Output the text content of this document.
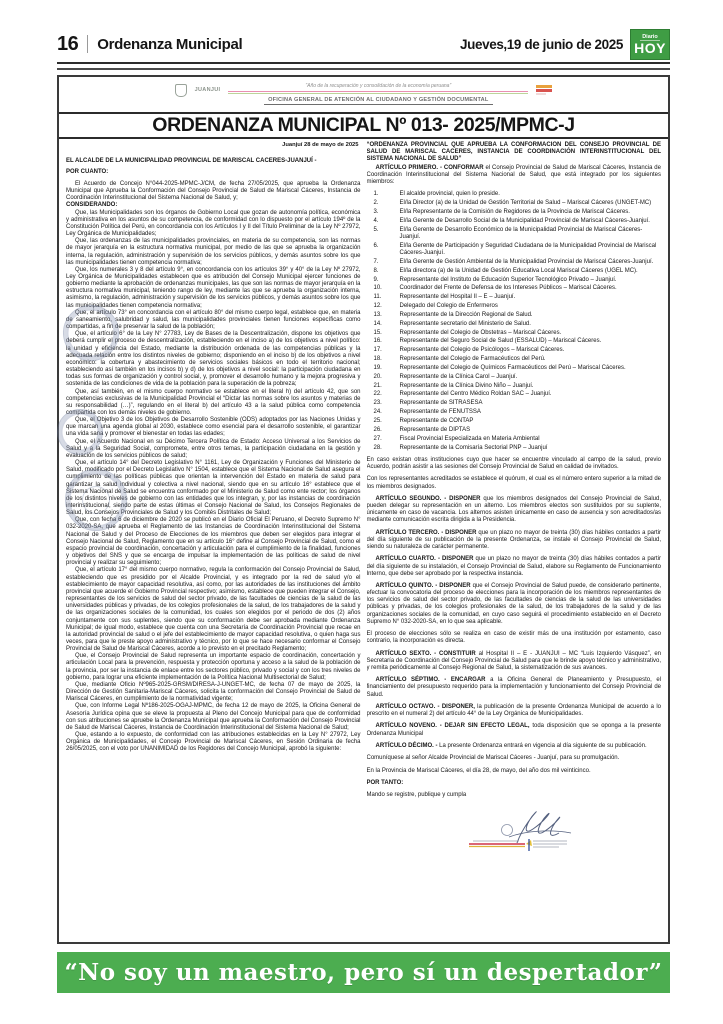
16 Ordenanza Municipal	Jueves,19 de junio de 2025	Diario
HOY
JUANJUI
“Año de la recuperación y consolidación de la economía peruana”
OFICINA GENERAL DE ATENCIÓN AL CIUDADANO Y GESTIÓN DOCUMENTAL
ORDENANZA MUNICIPAL Nº 013- 2025/MPMC-J
Juanjuí 28 de mayo de 2025

EL ALCALDE DE LA MUNICIPALIDAD PROVINCIAL DE MARISCAL CACERES-JUANJUÍ -

POR CUANTO:

El Acuerdo de Concejo N°044-2025-MPMC-J/CM, de fecha 27/05/2025, que aprueba la Ordenanza Municipal que Aprueba la Conformación del Consejo Provincial de Salud de Mariscal Cáceres, Instancia de Coordinación Interinstitucional del Sistema Nacional de Salud, y;

CONSIDERANDO:

Que, las Municipalidades son los órganos de Gobierno Local que gozan de autonomía política, económica y administrativa en los asuntos de su competencia, de conformidad con lo dispuesto por el artículo 194º de la Constitución Política del Perú, en concordancia con los Artículos I y II del Título Preliminar de la Ley Nº 27972, Ley Orgánica de Municipalidades;

Que, las ordenanzas de las municipalidades provinciales, en materia de su competencia, son las normas de mayor jerarquía en la estructura normativa municipal, por medio de las que se aprueba la organización interna, la regulación, administración y supervisión de los servicios públicos, y demás asuntos sobre los que las municipalidades tienen competencia normativa;

Que, los numerales 3 y 8 del artículo 9°, en concordancia con los artículos 39° y 40° de la Ley Nº 27972, Ley Orgánica de Municipalidades establecen que es atribución del Consejo Municipal ejercer funciones de gobierno mediante la aprobación de ordenanzas municipales, las que son las normas de mayor jerarquía en la estructura normativa municipal, teniendo rango de ley, mediante las que se aprueba la organización interna, asimismo, la regulación, administración y supervisión de los servicios públicos, y demás asuntos sobre los que las municipalidades tienen competencia normativa;

Que, el artículo 73° en concordancia con el artículo 80° del mismo cuerpo legal, establece que, en materia de saneamiento, salubridad y salud, las municipalidades provinciales tienen funciones específicas como compartidas, a fin de preservar la salud de la población;

Que, el artículo 6° de la Ley N° 27783, Ley de Bases de la Descentralización, dispone los objetivos que deberá cumplir el proceso de descentralización, estableciendo en el inciso a) de los objetivos a nivel político: la unidad y eficiencia del Estado, mediante la distribución ordenada de las competencias públicas y la adecuada relación entre los distintos niveles de gobierno; disponiendo en el inciso b) de los objetivos a nivel económico: la cobertura y abastecimiento de servicios sociales básicos en todo el territorio nacional; estableciendo así también en los incisos b) y d) de los objetivos a nivel social: la participación ciudadana en todas sus formas de organización y control social, y, promover el desarrollo humano y la mejora progresiva y sostenida de las condiciones de vida de la población para la superación de la pobreza;

Que, así también, en el mismo cuerpo normativo se establece en el literal h) del artículo 42, que son competencias exclusivas de la Municipalidad Provincial el “Dictar las normas sobre los asuntos y materias de su responsabilidad (…)”, regulando en el literal b) del artículo 43 a la salud pública como competencia compartida con los demás niveles de gobierno.

Que, el Objetivo 3 de los Objetivos de Desarrollo Sostenible (ODS) adoptados por las Naciones Unidas y que marcan una agenda global al 2030, establece como esencial para el desarrollo sostenible, el garantizar una vida sana y promover el bienestar en todas las edades;

Que, el Acuerdo Nacional en su Décimo Tercera Política de Estado: Acceso Universal a los Servicios de Salud y a la Seguridad Social, compromete, entre otros temas, la participación ciudadana en la gestión y evaluación de los servicios públicos de salud;

Que, el artículo 14° del Decreto Legislativo N° 1161, Ley de Organización y Funciones del Ministerio de Salud, modificado por el Decreto Legislativo N° 1504, establece que el Sistema Nacional de Salud asegura el cumplimiento de las políticas públicas que orientan la intervención del Estado en materia de salud para garantizar la salud individual y colectiva a nivel nacional, siendo que en su artículo 16° establece que el Sistema Nacional de Salud se encuentra conformado por el Ministerio de Salud como ente rector; los órganos de los distintos niveles de gobierno con las entidades que los integran, y, por las instancias de coordinación interinstitucional, siendo parte de estas últimas el Consejo Nacional de Salud, los Consejos Regionales de Salud, los Consejos Provinciales de Salud y los Comités Distritales de Salud;

Que, con fecha 6 de diciembre de 2020 se publicó en el Diario Oficial El Peruano, el Decreto Supremo N° 032-2020-SA, que aprueba el Reglamento de las Instancias de Coordinación Interinstitucional del Sistema Nacional de Salud y del Proceso de Elecciones de los miembros que deben ser elegidos para integrar el Consejo Nacional de Salud, Reglamento que en su artículo 16° define al Consejo Provincial de Salud, como el espacio provincial de coordinación, concertación y articulación para el cumplimiento de la finalidad, funciones y objetivos del SNS y que se encarga de impulsar la implementación de las políticas de salud de nivel provincial y realizar su seguimiento;

Que, el artículo 17° del mismo cuerpo normativo, regula la conformación del Consejo Provincial de Salud, estableciendo que es presidido por el Alcalde Provincial, y es integrado por la red de salud y/o el establecimiento de mayor capacidad resolutiva, así como, por las autoridades de las instituciones del ámbito provincial que acuerde el Gobierno Provincial respectivo; asimismo, establece que pueden integrar el Consejo, representantes de los servicios de salud del sector privado, de las facultades de ciencias de la salud de las universidades públicas y privadas, de los colegios profesionales de la salud, de los trabajadores de la salud y de las organizaciones sociales de la comunidad, los cuales son elegidos por el periodo de dos (2) años conjuntamente con sus suplentes, siendo que su conformación debe ser aprobada mediante Ordenanza Municipal; de igual modo, establece que cuenta con una Secretaría de Coordinación Provincial que recae en la autoridad provincial de salud o el jefe del establecimiento de mayor capacidad resolutiva, o quien haga sus veces, para que le preste apoyo administrativo y técnico, por lo que se hace necesario conformar el Consejo Provincial de Salud de Mariscal Cáceres, acorde a lo previsto en el precitado Reglamento;

Que, el Consejo Provincial de Salud representa un importante espacio de coordinación, concertación y articulación Local para la prevención, respuesta y protección oportuna y acceso a la salud de la población de la provincia, por ser la instancia de enlace entre los sectores público, privado y social y con los tres niveles de gobierno, para lograr una eficiente implementación de la Política Nacional Multisectorial de Salud;

Que, mediante Oficio Nº965-2025-GRSM/DIRESA-J-UNGET-MC, de fecha 07 de mayo de 2025, la Dirección de Gestión Sanitaria-Mariscal Cáceres, solicita la conformación del Consejo Provincial de Salud de Mariscal Cáceres, en cumplimiento de la normatividad vigente;

Que, con Informe Legal Nº186-2025-OGAJ-MPMC, de fecha 12 de mayo de 2025, la Oficina General de Asesoría Jurídica opina que se eleve la propuesta al Pleno del Concejo Municipal para que de conformidad con sus atribuciones se apruebe la Ordenanza Municipal que aprueba la Conformación del Consejo Provincial de Salud de Mariscal Cáceres, Instancia de Coordinación Interinstitucional del Sistema Nacional de Salud;

Que, estando a lo expuesto, de conformidad con las atribuciones establecidas en la Ley N° 27972, Ley Orgánica de Municipalidades, el Concejo Provincial de Mariscal Cáceres, en Sesión Ordinaria de fecha 26/05/2025, con el voto por UNANIMIDAD de los Regidores del Concejo Municipal, aprobó la siguiente:

“ORDENANZA PROVINCIAL QUE APRUEBA LA CONFORMACIÓN DEL CONSEJO PROVINCIAL DE SALUD DE MARISCAL CACERES, INSTANCIA DE COORDINACIÓN INTERINSTITUCIONAL DEL SISTEMA NACIONAL DE SALUD”

ARTÍCULO PRIMERO. - CONFORMAR el Consejo Provincial de Salud de Mariscal Cáceres, Instancia de Coordinación Interinstitucional del Sistema Nacional de Salud, que está integrado por los siguientes miembros:

1.	El alcalde provincial, quien lo preside.
2.	El/la Director (a) de la Unidad de Gestión Territorial de Salud – Mariscal Cáceres (UNGET-MC)
3.	El/la Representante de la Comisión de Regidores de la Provincia de Mariscal Cáceres.
4.	El/la Gerente de Desarrollo Social de la Municipalidad Provincial de Mariscal Cáceres-Juanjuí.
5.	El/la Gerente de Desarrollo Económico de la Municipalidad Provincial de Mariscal Cáceres-Juanjuí.
6.	El/la Gerente de Participación y Seguridad Ciudadana de la Municipalidad Provincial de Mariscal Cáceres-Juanjuí.
7.	El/la Gerente de Gestión Ambiental de la Municipalidad Provincial de Mariscal Cáceres-Juanjuí.
8.	El/la directora (a) de la Unidad de Gestión Educativa Local Mariscal Cáceres (UGEL MC).
9.	Representante del Instituto de Educación Superior Tecnológico Privado – Juanjuí.
10.	Coordinador del Frente de Defensa de los Intereses Públicos – Mariscal Cáceres.
11.	Representante del Hospital II – E – Juanjuí.
12.	Delegado del Colegio de Enfermeros
13.	Representante de la Dirección Regional de Salud.
14.	Representante secretario del Ministerio de Salud.
15.	Representante del Colegio de Obstetras – Mariscal Cáceres.
16.	Representante del Seguro Social de Salud (ESSALUD) – Mariscal Cáceres.
17.	Representante del Colegio de Psicólogos – Mariscal Cáceres.
18.	Representante del Colegio de Farmacéuticos del Perú.
19.	Representante del Colegio de Químicos Farmacéuticos del Perú – Mariscal Cáceres.
20.	Representante de la Clínica Carol – Juanjuí.
21.	Representante de la Clínica Divino Niño – Juanjuí.
22.	Representante del Centro Médico Roldan SAC – Juanjuí.
23.	Representante de SITRASESA
24.	Representante de FENUTSSA
25.	Representante de CONTAP
26.	Representante de DIPTAS
27.	Fiscal Provincial Especializada en Materia Ambiental
28.	Representante de la Comisaría Sectorial PNP – Juanjuí

En caso existan otras instituciones cuyo que hacer se encuentre vinculado al campo de la salud, previo Acuerdo, podrán asistir a las sesiones del Consejo Provincial de Salud en calidad de invitados.

Con los representantes acreditados se establece el quórum, el cual es el número entero superior a la mitad de los miembros designados.

ARTÍCULO SEGUNDO. - DISPONER que los miembros designados del Consejo Provincial de Salud, pueden delegar su representación en un alterno. Los miembros electos son sustituidos por su suplente, únicamente en caso de vacancia. Los alternos asisten únicamente en caso de ausencia y son acreditados/as mediante comunicación escrita dirigida a la Presidencia.

ARTÍCULO TERCERO. - DISPONER que un plazo no mayor de treinta (30) días hábiles contados a partir del día siguiente de su publicación de la presente Ordenanza, se instale el Consejo Provincial de Salud, siendo su naturaleza de carácter permanente.

ARTÍCULO CUARTO. - DISPONER que un plazo no mayor de treinta (30) días hábiles contados a partir del día siguiente de su instalación, el Consejo Provincial de Salud, elabore su Reglamento de Funcionamiento Interno, que debe ser aprobado por la respectiva instancia.

ARTÍCULO QUINTO. - DISPONER que el Consejo Provincial de Salud puede, de considerarlo pertinente, efectuar la convocatoria del proceso de elecciones para la incorporación de los miembros representantes de los servicios de salud del sector privado, de las facultades de ciencias de la salud de las universidades públicas y privadas, de los colegios profesionales de la salud, de los trabajadores de la salud y de las organizaciones sociales de la comunidad, en cuyo caso seguirá el procedimiento establecido en el Decreto Supremo N° 032-2020-SA, en lo que sea aplicable.

El proceso de elecciones sólo se realiza en caso de existir más de una institución por estamento, caso contrario, la incorporación es directa.

ARTÍCULO SEXTO. - CONSTITUIR al Hospital II – E - JUANJUI – MC “Luis Izquierdo Vásquez”, en Secretaría de Coordinación del Consejo Provincial de Salud para que le brinde apoyo técnico y administrativo, y remita periódicamente al Consejo Regional de Salud, la sistematización de sus avances.

ARTÍCULO SÉPTIMO. - ENCARGAR a la Oficina General de Planeamiento y Presupuesto, el financiamiento del presupuesto requerido para la implementación y funcionamiento del Consejo Provincial de Salud.

ARTÍCULO OCTAVO. - DISPONER, la publicación de la presente Ordenanza Municipal de acuerdo a lo prescrito en el numeral 2) del artículo 44° de la Ley Orgánica de Municipalidades.

ARTÍCULO NOVENO. - DEJAR SIN EFECTO LEGAL, toda disposición que se oponga a la presente Ordenanza Municipal

ARTÍCULO DÉCIMO. - La presente Ordenanza entrará en vigencia al día siguiente de su publicación.

Comuníquese al señor Alcalde Provincial de Mariscal Cáceres - Juanjuí, para su promulgación.

En la Provincia de Mariscal Cáceres, el día 28, de mayo, del año dos mil veinticinco.

POR TANTO:

Mando se registre, publique y cumpla

“No soy un maestro, pero sí un despertador”
